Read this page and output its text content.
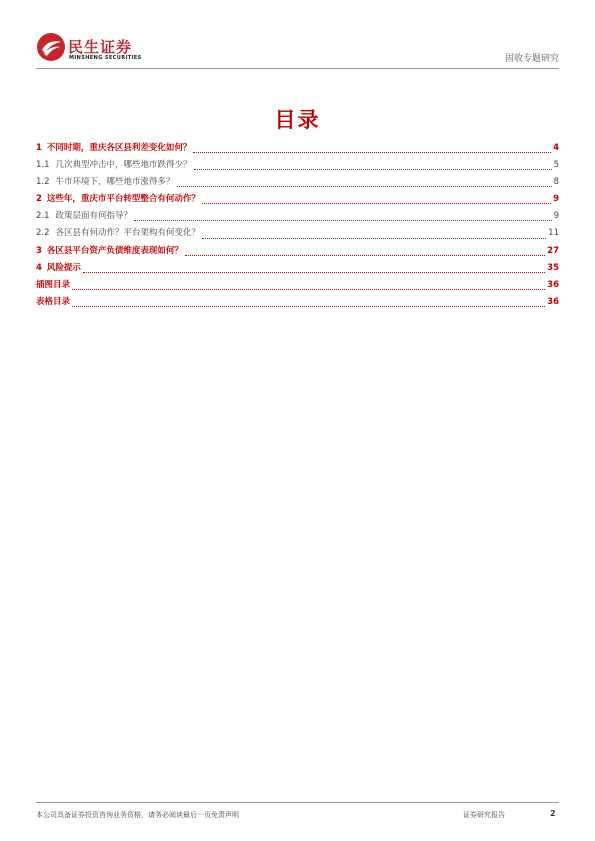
民生证券
MINSHENG SECURITIES	固收专题研究
目录
1 不同时期，重庆各区县利差变化如何？	4
1.1 几次典型冲击中，哪些地市跌得少？	5
1.2 牛市环境下，哪些地市涨得多？	8
2 这些年，重庆市平台转型整合有何动作？	9
2.1 政策层面有何指导？	9
2.2 各区县有何动作？平台架构有何变化？	11
3 各区县平台资产负债维度表现如何？	27
4 风险提示	35
插图目录	36
表格目录	36
本公司具备证券投资咨询业务资格，请务必阅读最后一页免责声明	证券研究报告	2
